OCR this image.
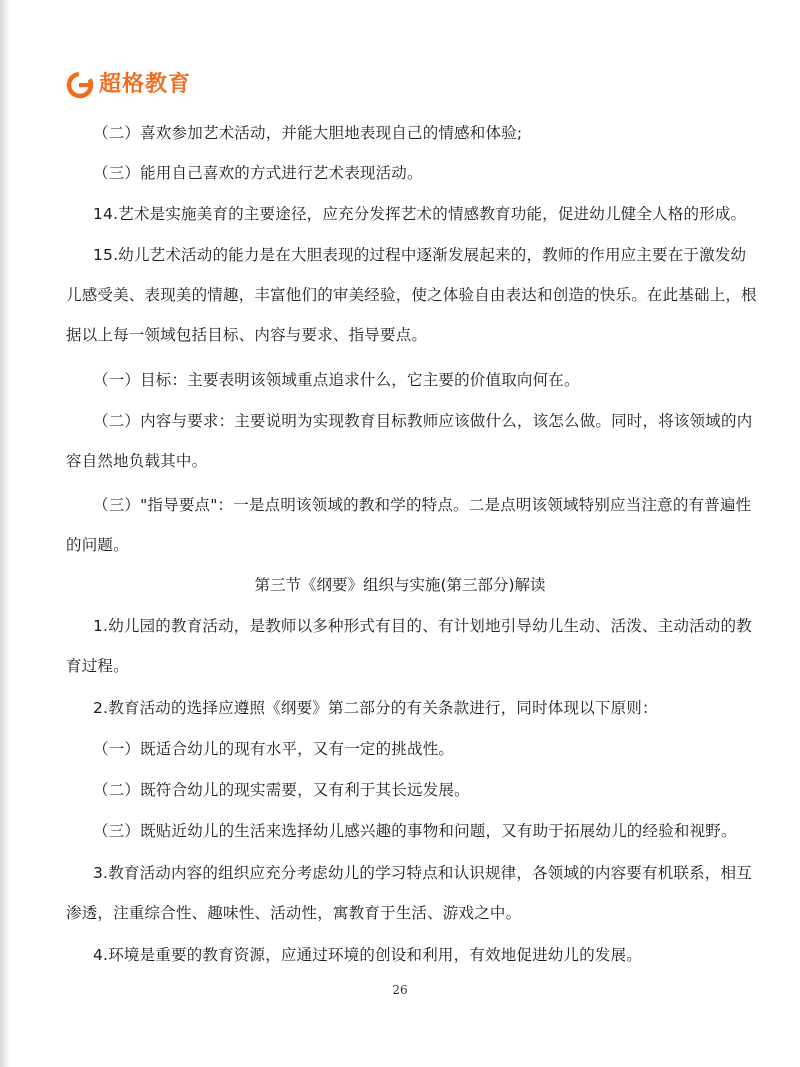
超格教育
（二）喜欢参加艺术活动，并能大胆地表现自己的情感和体验;
（三）能用自己喜欢的方式进行艺术表现活动。
14.艺术是实施美育的主要途径，应充分发挥艺术的情感教育功能，促进幼儿健全人格的形成。
15.幼儿艺术活动的能力是在大胆表现的过程中逐渐发展起来的，教师的作用应主要在于激发幼
儿感受美、表现美的情趣，丰富他们的审美经验，使之体验自由表达和创造的快乐。在此基础上，根
据以上每一领域包括目标、内容与要求、指导要点。
（一）目标：主要表明该领域重点追求什么，它主要的价值取向何在。
（二）内容与要求：主要说明为实现教育目标教师应该做什么，该怎么做。同时，将该领域的内
容自然地负载其中。
（三）"指导要点"：一是点明该领域的教和学的特点。二是点明该领域特别应当注意的有普遍性
的问题。
第三节《纲要》组织与实施(第三部分)解读
1.幼儿园的教育活动，是教师以多种形式有目的、有计划地引导幼儿生动、活泼、主动活动的教
育过程。
2.教育活动的选择应遵照《纲要》第二部分的有关条款进行，同时体现以下原则：
（一）既适合幼儿的现有水平，又有一定的挑战性。
（二）既符合幼儿的现实需要，又有利于其长远发展。
（三）既贴近幼儿的生活来选择幼儿感兴趣的事物和问题，又有助于拓展幼儿的经验和视野。
3.教育活动内容的组织应充分考虑幼儿的学习特点和认识规律，各领域的内容要有机联系，相互
渗透，注重综合性、趣味性、活动性，寓教育于生活、游戏之中。
4.环境是重要的教育资源，应通过环境的创设和利用，有效地促进幼儿的发展。
26
